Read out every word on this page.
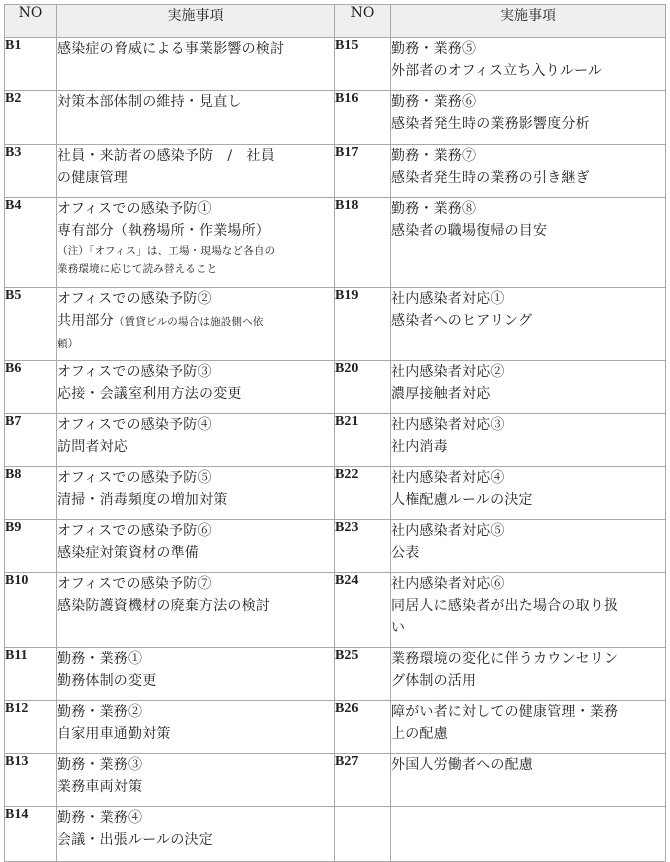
NO	実施事項	NO	実施事項
B1	感染症の脅威による事業影響の検討	B15	勤務・業務⑤
外部者のオフィス立ち入りルール

B2	対策本部体制の維持・見直し	B16	勤務・業務⑥
感染者発生時の業務影響度分析

B3	社員・来訪者の感染予防　/　社員
の健康管理	B17	勤務・業務⑦
感染者発生時の業務の引き継ぎ

B4	オフィスでの感染予防①
専有部分（執務場所・作業場所）
（注）「オフィス」は、工場・現場など各自の
業務環境に応じて読み替えること	B18	勤務・業務⑧
感染者の職場復帰の目安

B5	オフィスでの感染予防②
共用部分（賃貸ビルの場合は施設側へ依
頼）	B19	社内感染者対応①
感染者へのヒアリング

B6	オフィスでの感染予防③
応接・会議室利用方法の変更	B20	社内感染者対応②
濃厚接触者対応

B7	オフィスでの感染予防④
訪問者対応	B21	社内感染者対応③
社内消毒

B8	オフィスでの感染予防⑤
清掃・消毒頻度の増加対策	B22	社内感染者対応④
人権配慮ルールの決定

B9	オフィスでの感染予防⑥
感染症対策資材の準備	B23	社内感染者対応⑤
公表

B10	オフィスでの感染予防⑦
感染防護資機材の廃棄方法の検討	B24	社内感染者対応⑥
同居人に感染者が出た場合の取り扱
い

B11	勤務・業務①
勤務体制の変更	B25	業務環境の変化に伴うカウンセリン
グ体制の活用

B12	勤務・業務②
自家用車通勤対策	B26	障がい者に対しての健康管理・業務
上の配慮

B13	勤務・業務③
業務車両対策	B27	外国人労働者への配慮

B14	勤務・業務④
会議・出張ルールの決定		
